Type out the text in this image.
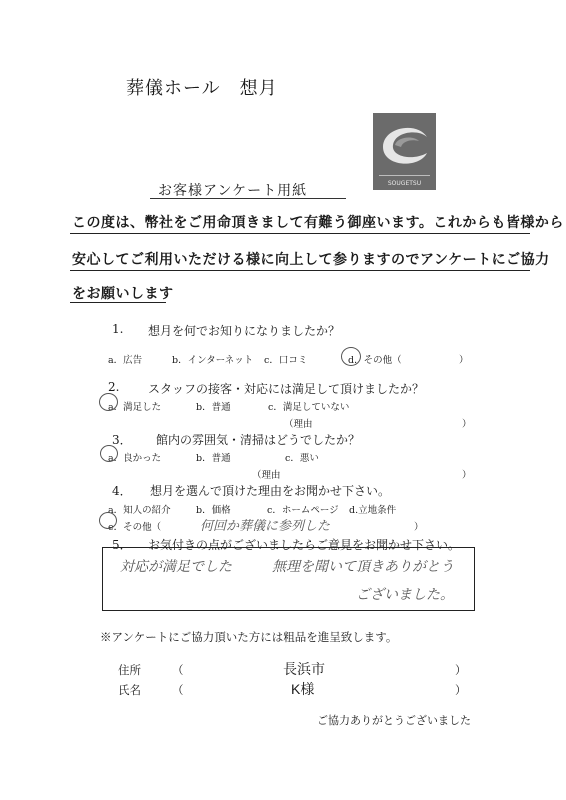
葬儀ホール　想月
SOUGETSU
お客様アンケート用紙
この度は、幣社をご用命頂きまして有難う御座います。これからも皆様から
安心してご利用いただける様に向上して参りますのでアンケートにご協力
をお願いします
1. 想月を何でお知りになりましたか？
a．広告	b．インターネット c．口コミ	d．その他（	）
2. スタッフの接客・対応には満足して頂けましたか？
a．満足した	b．普通	c．満足していない
（理由	）
3． 館内の雰囲気・清掃はどうでしたか？
a．良かった	b．普通	c．悪い
（理由	）
4． 想月を選んで頂けた理由をお聞かせ下さい。
a．知人の紹介	b．価格	c．ホームページ d.立地条件
e．その他（	）
何回か葬儀に参列した
5． お気付きの点がございましたらご意見をお聞かせ下さい。
対応が満足でした	無理を聞いて頂きありがとう
ございました。
※アンケートにご協力頂いた方には粗品を進呈致します。
住所	（	長浜市	）
氏名	（	K様	）
ご協力ありがとうございました
